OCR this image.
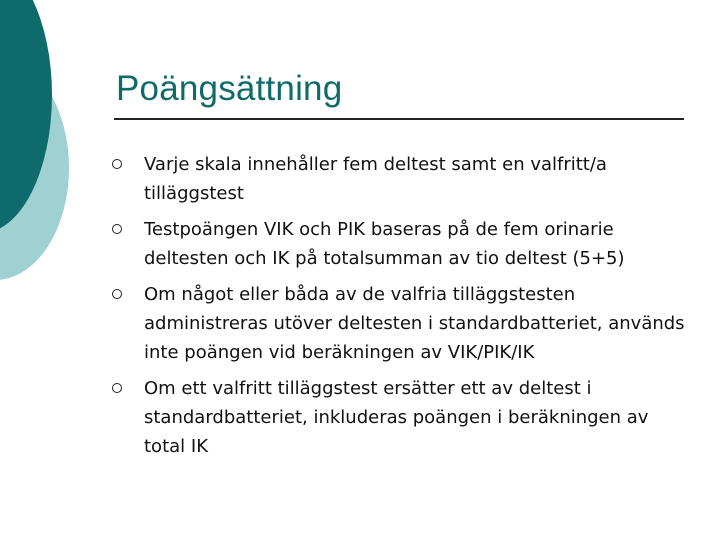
Poängsättning
Varje skala innehåller fem deltest samt en valfritt/a tilläggstest
Testpoängen VIK och PIK baseras på de fem orinarie deltesten och IK på totalsumman av tio deltest (5+5)
Om något eller båda av de valfria tilläggstesten administreras utöver deltesten i standardbatteriet, används inte poängen vid beräkningen av VIK/PIK/IK
Om ett valfritt tilläggstest ersätter ett av deltest i standardbatteriet, inkluderas poängen i beräkningen av total IK
